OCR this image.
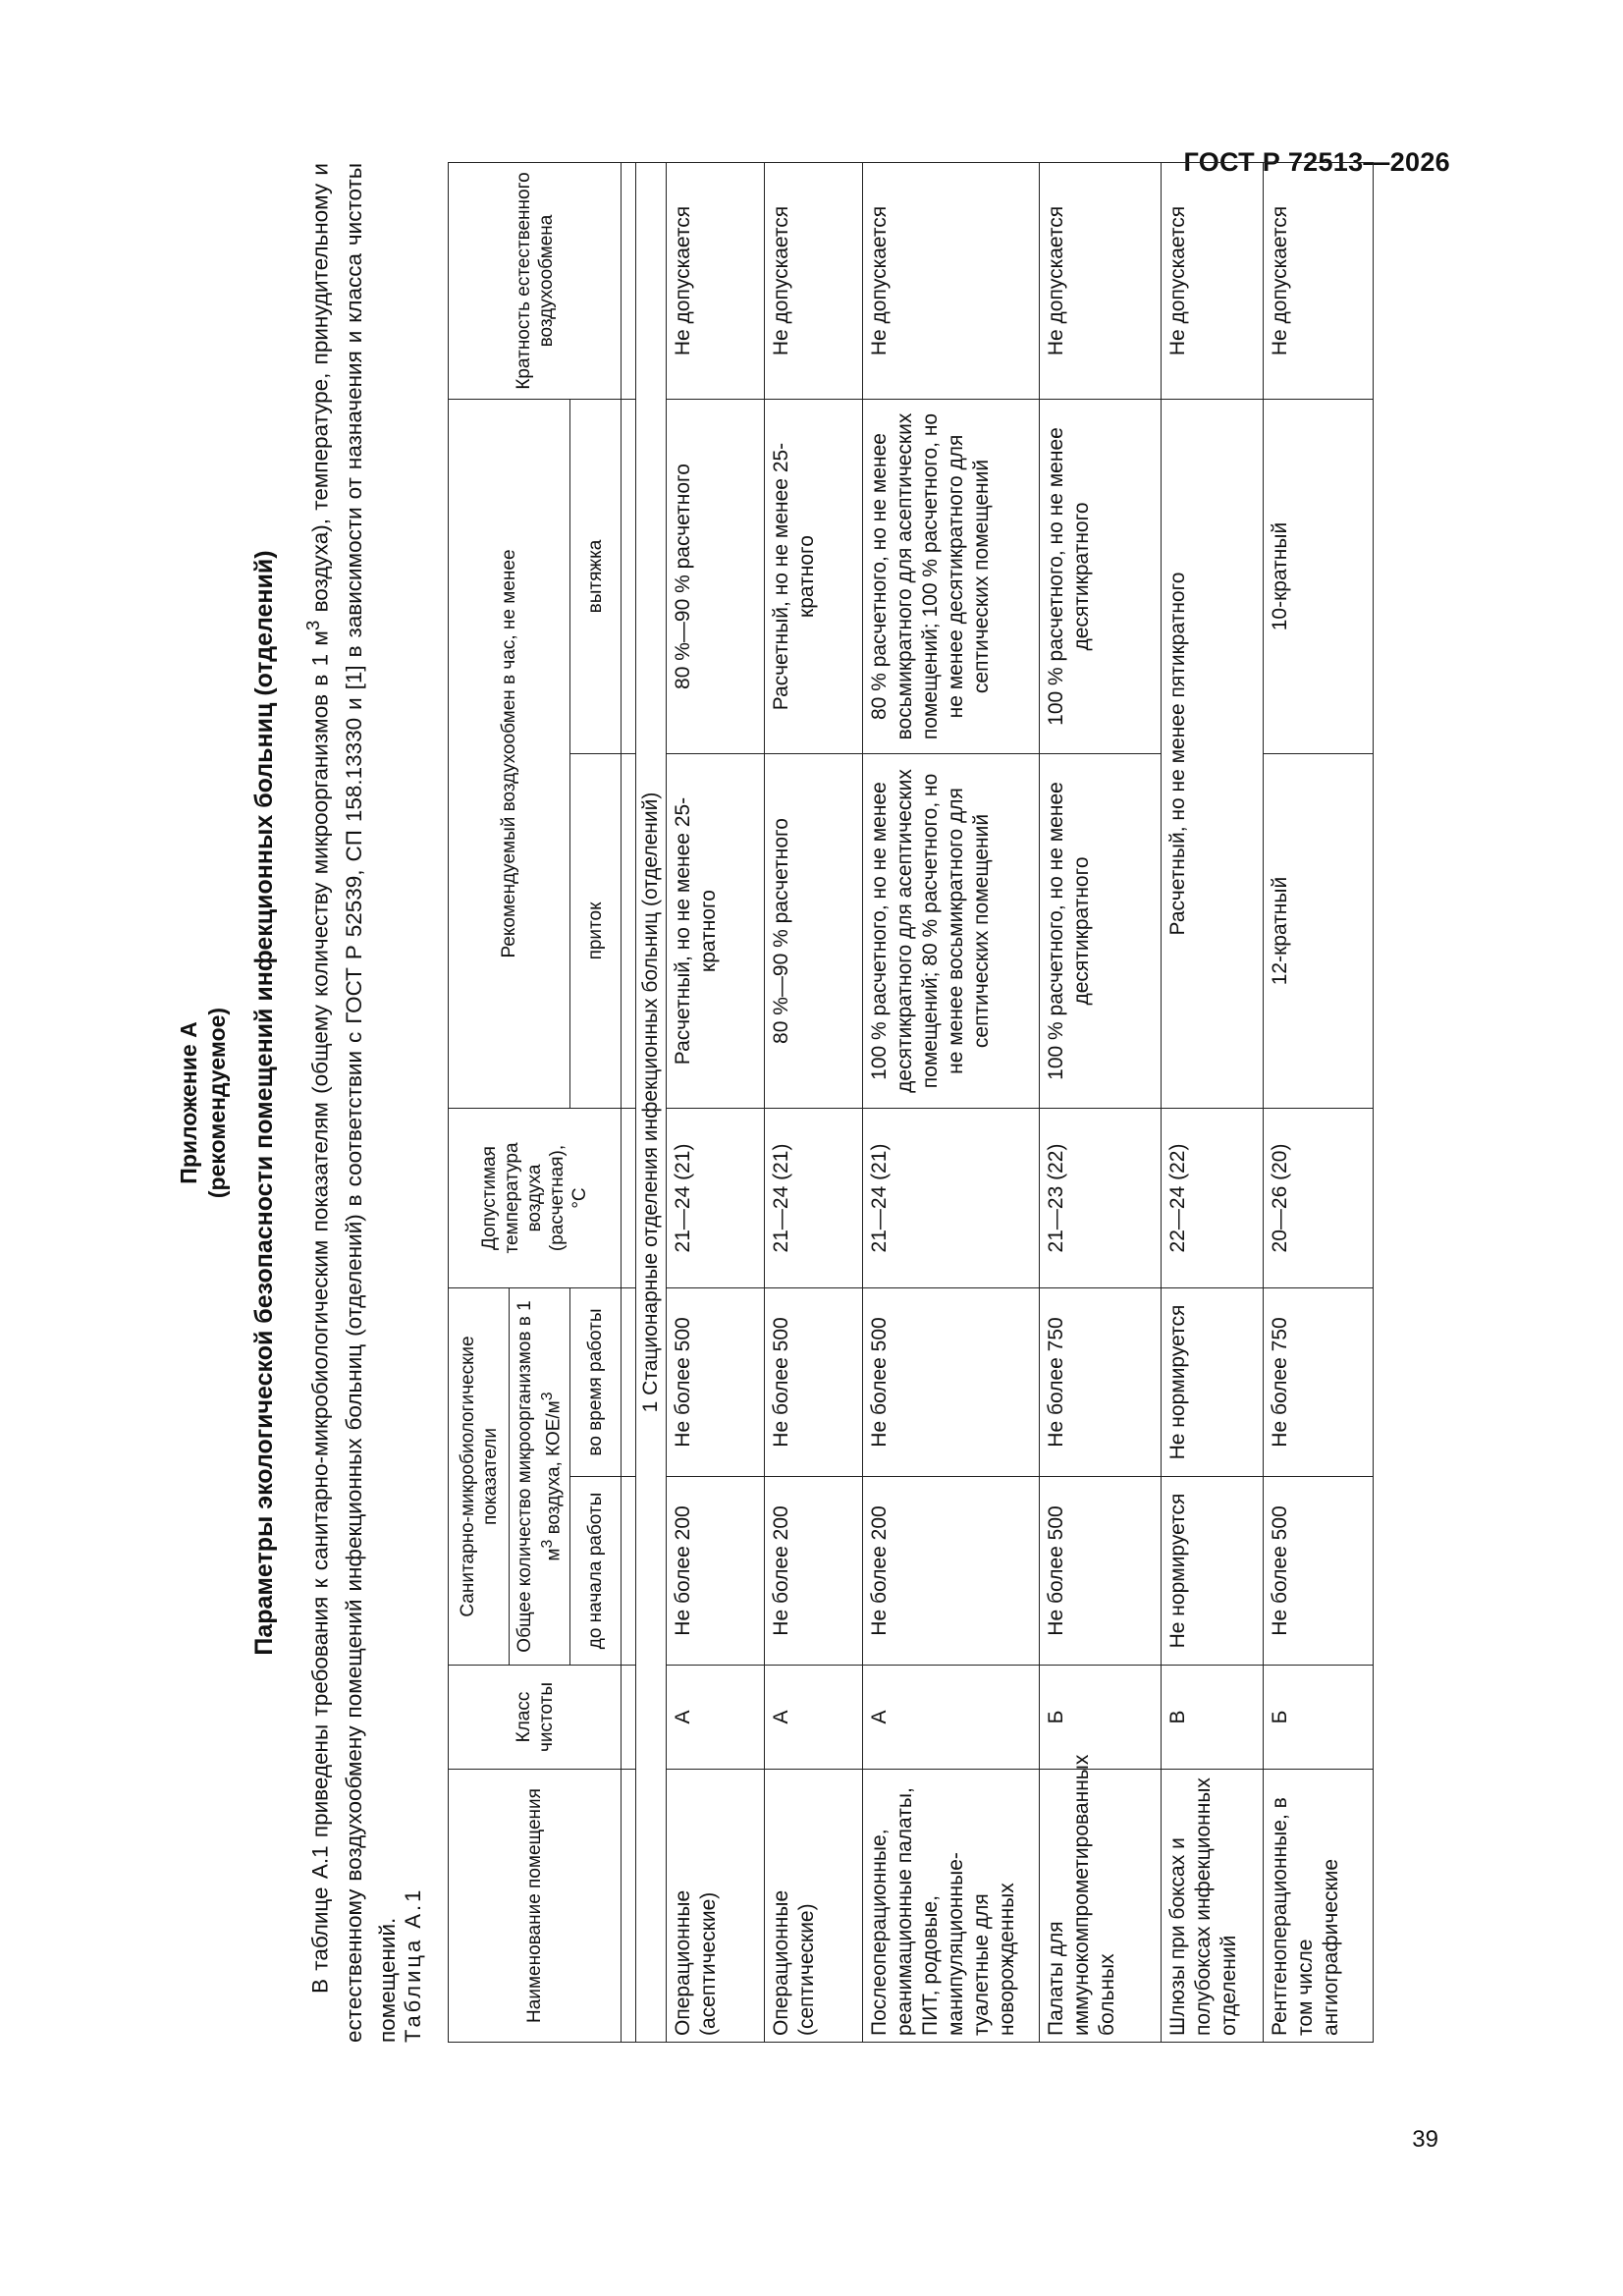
ГОСТ Р 72513—2026
39
Приложение А (рекомендуемое) Параметры экологической безопасности помещений инфекционных больниц (отделений)	В таблице А.1 приведены требования к санитарно-микробиологическим показателям (общему количеству микроорганизмов в 1 $м^3$ воздуха), температуре, принудительному и естественному воздухообмену помещений инфекционных больниц (отделений) в соответствии с ГОСТ Р 52539, СП 158.13330 и [1] в зависимости от назначения и класса чистоты помещений. Таблица А.1	Наименование помещения	Класс чистоты	Санитарно-микробиологические показатели		Допустимая температура воздуха (расчетная), °С	Рекомендуемый воздухообмен в час, не менее		Кратность естественного воздухообмена
		Общее количество микроорганизмов в 1 $м^3$ воздуха, КОЕ/$м^3$
		до начала работы	во время работы		приток	вытяжка	

1 Стационарные отделения инфекционных больниц (отделений)							
Операционные (асептические)	А	Не более 200	Не более 500	21—24 (21)	Расчетный, но не менее 25-кратного	80 %—90 % расчетного	Не допускается
Операционные (септические)	А	Не более 200	Не более 500	21—24 (21)	80 %—90 % расчетного	Расчетный, но не менее 25-кратного	Не допускается
Послеоперационные, реанимационные палаты, ПИТ, родовые, манипуляционные-туалетные для новорожденных	А	Не более 200	Не более 500	21—24 (21)	100 % расчетного, но не менее десятикратного для асептических помещений; 80 % расчетного, но не менее восьмикратного для септических помещений	80 % расчетного, но не менее восьмикратного для асептических помещений; 100 % расчетного, но не менее десятикратного для септических помещений	Не допускается
Палаты для иммунокомпрометированных больных	Б	Не более 500	Не более 750	21—23 (22)	100 % расчетного, но не менее десятикратного	100 % расчетного, но не менее десятикратного	Не допускается
Шлюзы при боксах и полубоксах инфекционных отделений	В	Не нормируется	Не нормируется	22—24 (22)	Расчетный, но не менее пятикратного		Не допускается
Рентгеноперационные, в том числе ангиографические	Б	Не более 500	Не более 750	20—26 (20)	12-кратный	10-кратный	Не допускается
